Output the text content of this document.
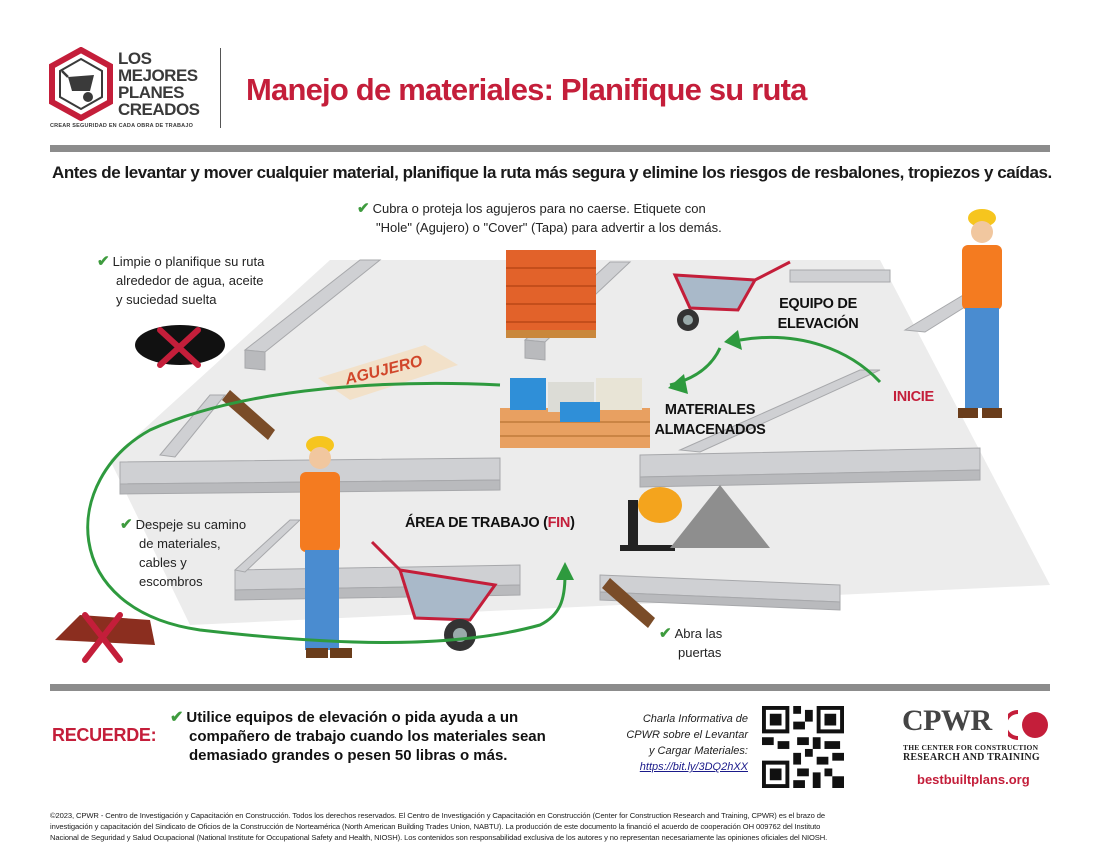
LOS
MEJORES
PLANES
CREADOS
CREAR SEGURIDAD EN CADA OBRA DE TRABAJO
Manejo de materiales: Planifique su ruta
Antes de levantar y mover cualquier material, planifique la ruta más segura y elimine los riesgos de resbalones, tropiezos y caídas.
AGUJERO
✔ Cubra o proteja los agujeros para no caerse. Etiquete con
"Hole" (Agujero) o "Cover" (Tapa) para advertir a los demás.
✔ Limpie o planifique su ruta
alrededor de agua, aceite
y suciedad suelta
✔ Despeje su camino
de materiales,
cables y
escombros
✔ Abra las
puertas
EQUIPO DE
ELEVACIÓN
MATERIALES
ALMACENADOS
INICIE
ÁREA DE TRABAJO (FIN)
RECUERDE:
✔ Utilice equipos de elevación o pida ayuda a un
compañero de trabajo cuando los materiales sean
demasiado grandes o pesen 50 libras o más.
Charla Informativa de
CPWR sobre el Levantar
y Cargar Materiales:
https://bit.ly/3DQ2hXX
CPWR
THE CENTER FOR CONSTRUCTION
RESEARCH AND TRAINING
bestbuiltplans.org
©2023, CPWR - Centro de Investigación y Capacitación en Construcción. Todos los derechos reservados. El Centro de Investigación y Capacitación en Construcción (Center for Construction Research and Training, CPWR) es el brazo de
investigación y capacitación del Sindicato de Oficios de la Construcción de Norteamérica (North American Building Trades Union, NABTU). La producción de este documento la financió el acuerdo de cooperación OH 009762 del Instituto
Nacional de Seguridad y Salud Ocupacional (National Institute for Occupational Safety and Health, NIOSH). Los contenidos son responsabilidad exclusiva de los autores y no representan necesariamente las opiniones oficiales del NIOSH.
